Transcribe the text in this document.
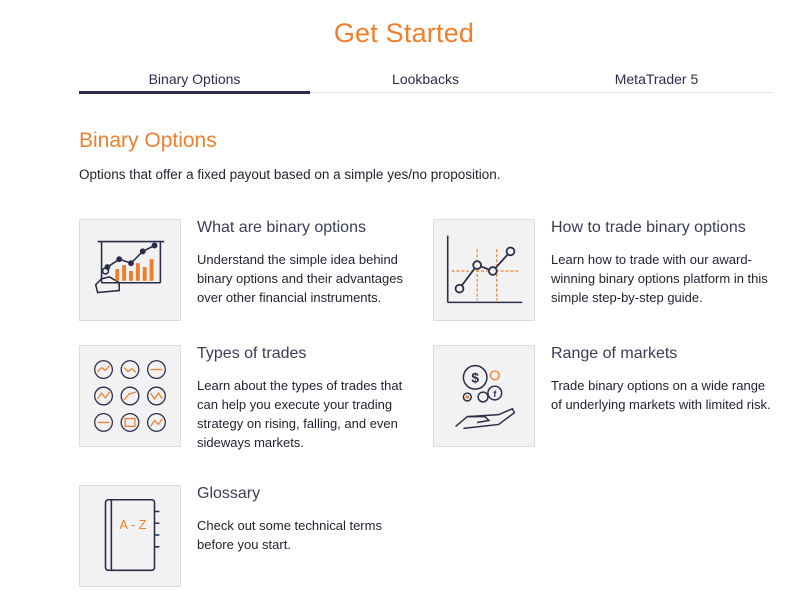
Get Started
Binary Options	Lookbacks	MetaTrader 5
Binary Options
Options that offer a fixed payout based on a simple yes/no proposition.
What are binary options
Understand the simple idea behind binary options and their advantages over other financial instruments.
How to trade binary options
Learn how to trade with our award-winning binary options platform in this simple step-by-step guide.
Types of trades
Learn about the types of trades that can help you execute your trading strategy on rising, falling, and even sideways markets.
$
f
Range of markets
Trade binary options on a wide range of underlying markets with limited risk.
A - Z
Glossary
Check out some technical terms before you start.
